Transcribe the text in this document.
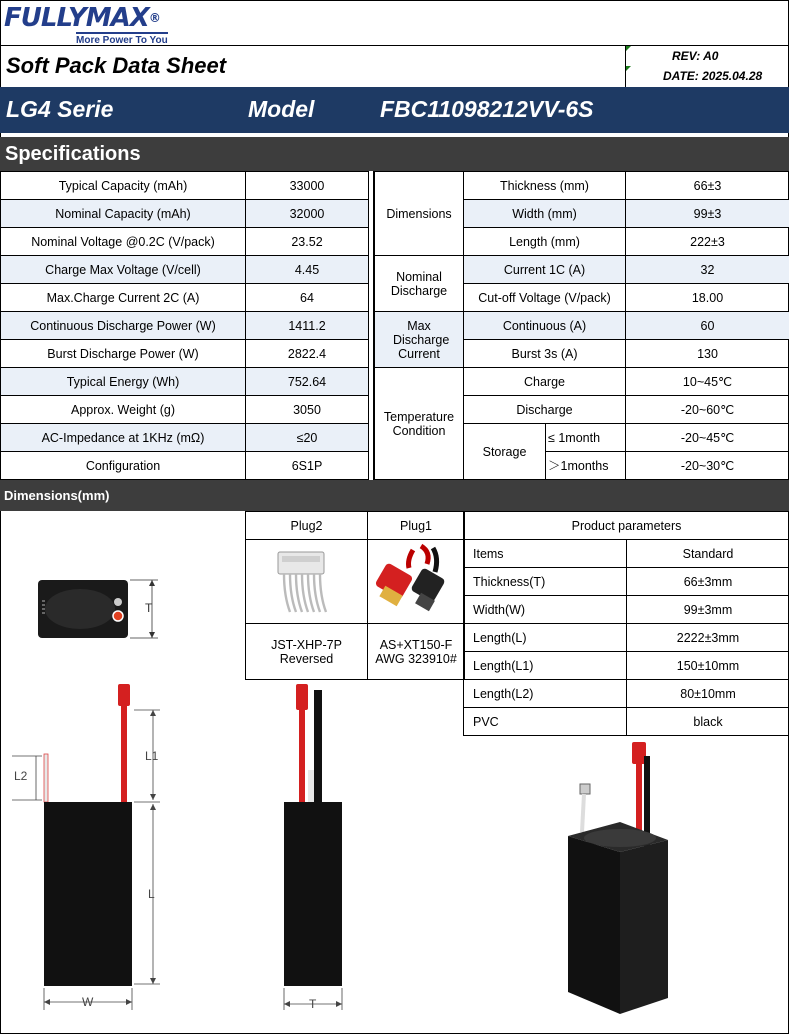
FULLYMAX®
More Power To You
Soft Pack Data Sheet	REV: A0
DATE: 2025.04.28
LG4 Serie	Model	FBC11098212VV-6S
Specifications
Typical Capacity (mAh)	33000
Nominal Capacity (mAh)	32000
Nominal Voltage @0.2C (V/pack)	23.52
Charge Max Voltage (V/cell)	4.45
Max.Charge Current 2C (A)	64
Continuous Discharge Power (W)	1411.2
Burst Discharge Power (W)	2822.4
Typical Energy (Wh)	752.64
Approx. Weight (g)	3050
AC-Impedance at 1KHz (mΩ)	≤20
Configuration	6S1P
Dimensions	Thickness (mm)		66±3
	Width (mm)		99±3
	Length (mm)		222±3
Nominal Discharge	Current 1C (A)		32
	Cut-off Voltage (V/pack)		18.00
Max Discharge Current	Continuous (A)		60
	Burst 3s (A)		130
Temperature Condition	Charge		10~45℃
	Discharge		-20~60℃
	Storage	≤ 1month	-20~45℃
		＞1months	-20~30℃
Dimensions(mm)
Plug2	Plug1

JST-XHP-7P Reversed	AS+XT150-F AWG 323910#
Product parameters	
Items	Standard
Thickness(T)	66±3mm
Width(W)	99±3mm
Length(L)	2222±3mm
Length(L1)	150±10mm
Length(L2)	80±10mm
PVC	black
T
L1
L
L2
W	T
